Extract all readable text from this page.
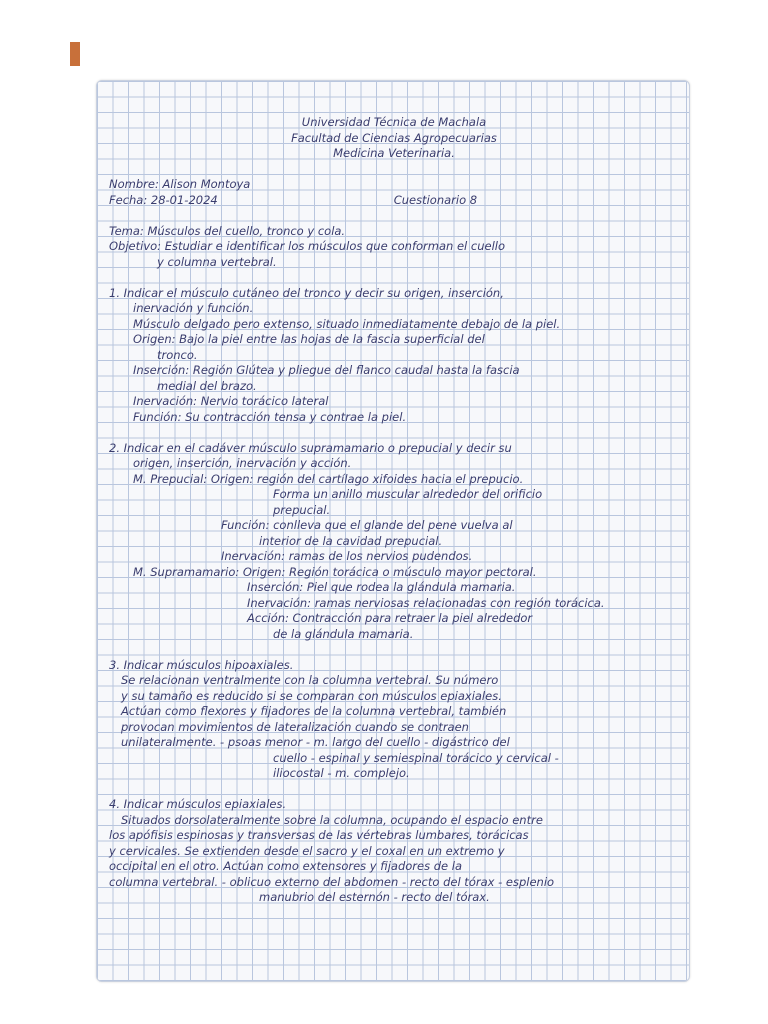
Universidad Técnica de Machala
Facultad de Ciencias Agropecuarias
Medicina Veterinaria.
Nombre: Alison Montoya
Fecha: 28-01-2024	Cuestionario 8
Tema: Músculos del cuello, tronco y cola.
Objetivo: Estudiar e identificar los músculos que conforman el cuello
y columna vertebral.
1. Indicar el músculo cutáneo del tronco y decir su origen, inserción,
inervación y función.
Músculo delgado pero extenso, situado inmediatamente debajo de la piel.
Origen: Bajo la piel entre las hojas de la fascia superficial del
tronco.
Inserción: Región Glútea y pliegue del flanco caudal hasta la fascia
medial del brazo.
Inervación: Nervio torácico lateral
Función: Su contracción tensa y contrae la piel.
2. Indicar en el cadáver músculo supramamario o prepucial y decir su
origen, inserción, inervación y acción.
M. Prepucial: Origen: región del cartílago xifoides hacia el prepucio.
Forma un anillo muscular alrededor del orificio
prepucial.
Función: conlleva que el glande del pene vuelva al
interior de la cavidad prepucial.
Inervación: ramas de los nervios pudendos.
M. Supramamario: Origen: Región torácica o músculo mayor pectoral.
Inserción: Piel que rodea la glándula mamaria.
Inervación: ramas nerviosas relacionadas con región torácica.
Acción: Contracción para retraer la piel alrededor
de la glándula mamaria.
3. Indicar músculos hipoaxiales.
Se relacionan ventralmente con la columna vertebral. Su número
y su tamaño es reducido si se comparan con músculos epiaxiales.
Actúan como flexores y fijadores de la columna vertebral, también
provocan movimientos de lateralización cuando se contraen
unilateralmente. - psoas menor - m. largo del cuello - digástrico del
cuello - espinal y semiespinal torácico y cervical -
iliocostal - m. complejo.
4. Indicar músculos epiaxiales.
Situados dorsolateralmente sobre la columna, ocupando el espacio entre
los apófisis espinosas y transversas de las vértebras lumbares, torácicas
y cervicales. Se extienden desde el sacro y el coxal en un extremo y
occipital en el otro. Actúan como extensores y fijadores de la
columna vertebral. - oblicuo externo del abdomen - recto del tórax - esplenio
manubrio del esternón - recto del tórax.
